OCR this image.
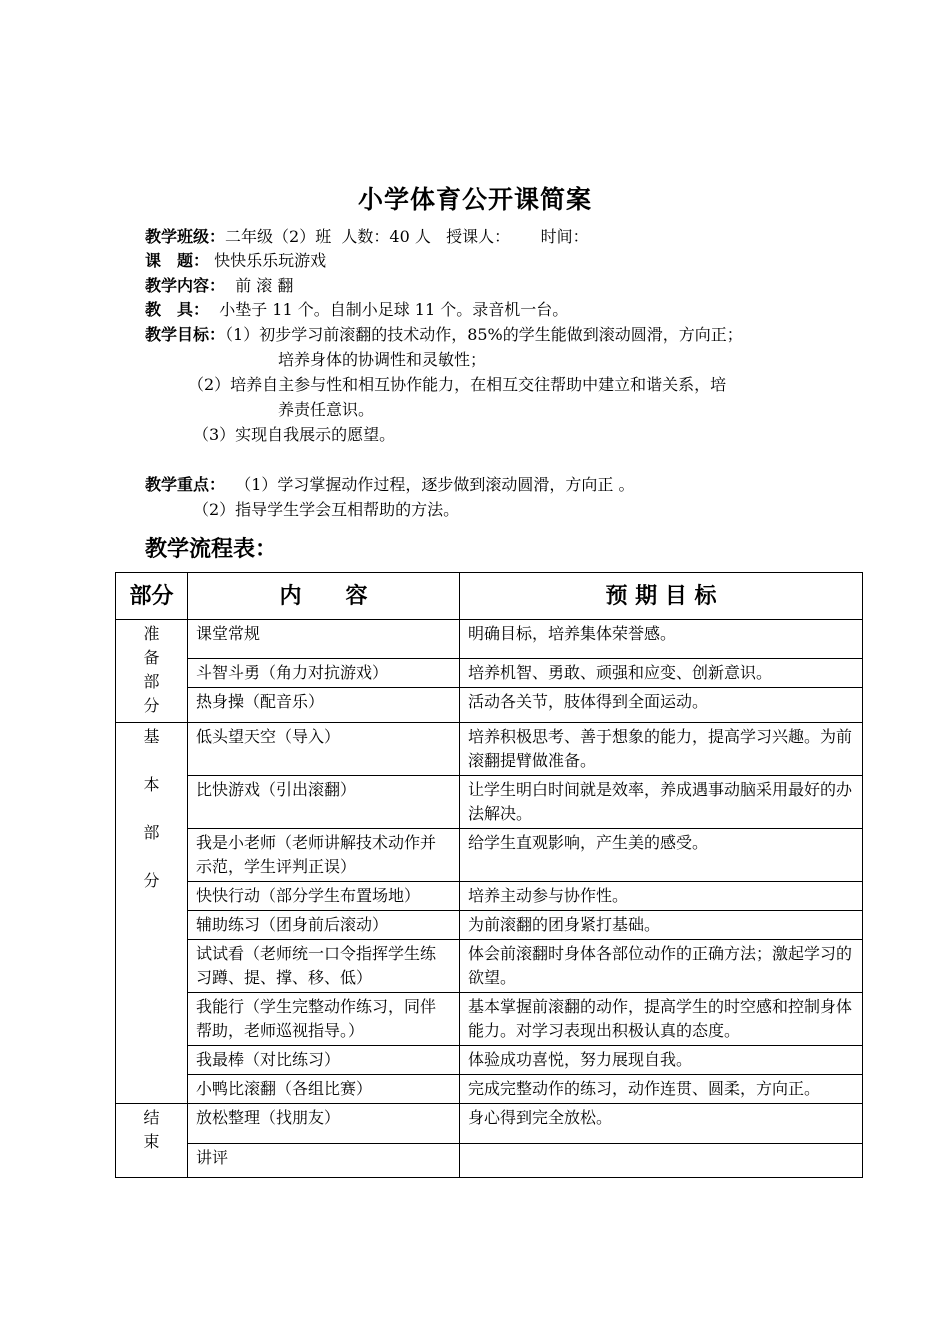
小学体育公开课简案
教学班级：二年级（2）班 人数：40 人 授课人： 时间：
课　题： 快快乐乐玩游戏
教学内容： 前 滚 翻
教　具： 小垫子 11 个。自制小足球 11 个。录音机一台。
教学目标：（1）初步学习前滚翻的技术动作，85%的学生能做到滚动圆滑，方向正；
培养身体的协调性和灵敏性；
（2）培养自主参与性和相互协作能力，在相互交往帮助中建立和谐关系，培
养责任意识。
（3）实现自我展示的愿望。
教学重点： （1）学习掌握动作过程，逐步做到滚动圆滑，方向正 。
（2）指导学生学会互相帮助的方法。
教学流程表：
部分	内　　容	预 期 目 标

准
备
部
分	课堂常规	明确目标，培养集体荣誉感。
	斗智斗勇（角力对抗游戏）	培养机智、勇敢、顽强和应变、创新意识。
	热身操（配音乐）	活动各关节，肢体得到全面运动。

基
本
部
分	低头望天空（导入）	培养积极思考、善于想象的能力，提高学习兴趣。为前滚翻提臂做准备。
	比快游戏（引出滚翻）	让学生明白时间就是效率，养成遇事动脑采用最好的办法解决。
	我是小老师（老师讲解技术动作并示范，学生评判正误）	给学生直观影响，产生美的感受。
	快快行动（部分学生布置场地）	培养主动参与协作性。
	辅助练习（团身前后滚动）	为前滚翻的团身紧打基础。
	试试看（老师统一口令指挥学生练习蹲、提、撑、移、低）	体会前滚翻时身体各部位动作的正确方法；激起学习的欲望。
	我能行（学生完整动作练习，同伴帮助，老师巡视指导。）	基本掌握前滚翻的动作，提高学生的时空感和控制身体能力。对学习表现出积极认真的态度。
	我最棒（对比练习）	体验成功喜悦，努力展现自我。
	小鸭比滚翻（各组比赛）	完成完整动作的练习，动作连贯、圆柔，方向正。

结
束	放松整理（找朋友）	身心得到完全放松。
	讲评	
